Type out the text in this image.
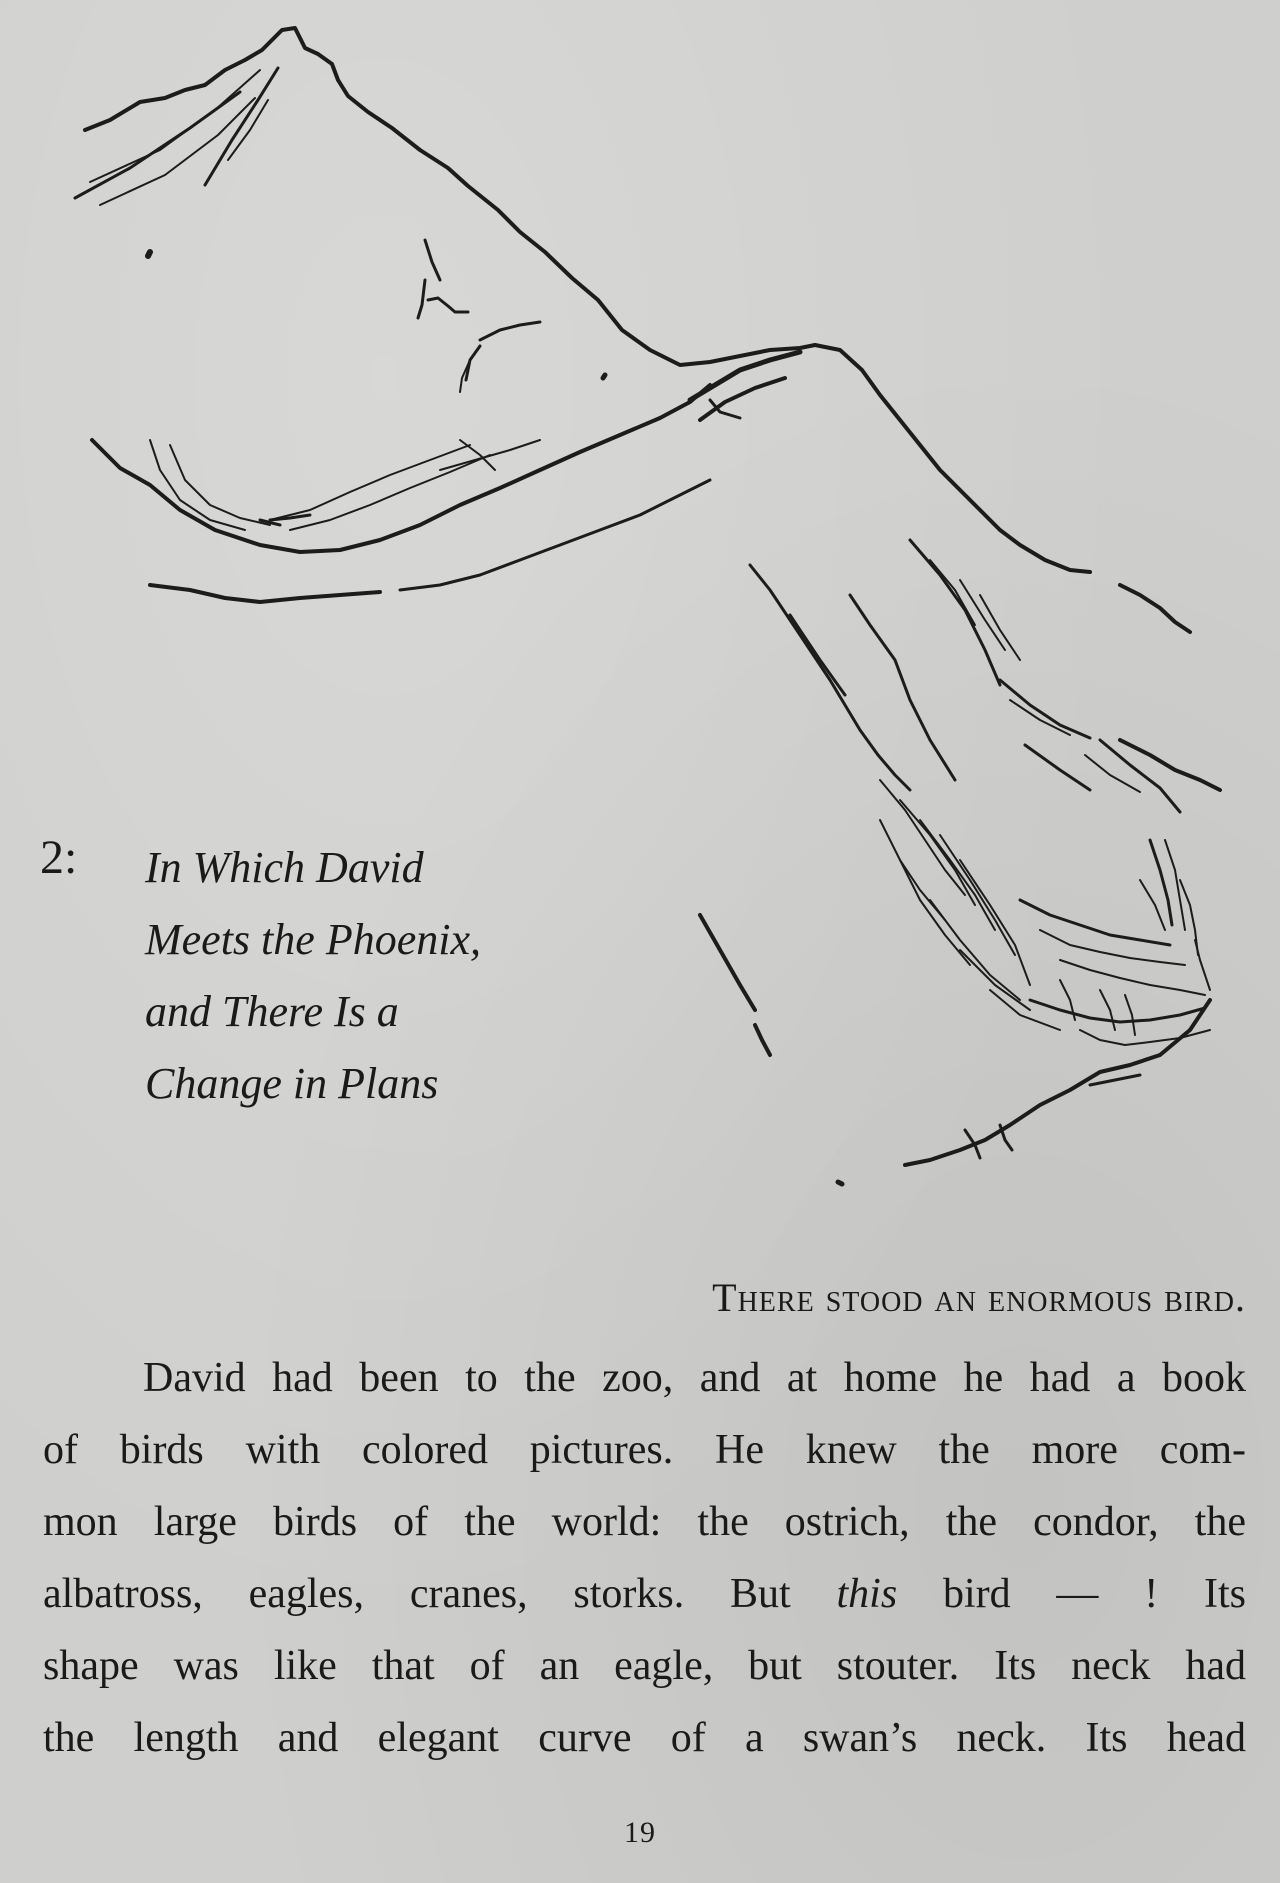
2: In Which David
Meets the Phoenix,
and There Is a
Change in Plans

There stood an enormous bird.

David had been to the zoo, and at home he had a book
of birds with colored pictures. He knew the more com-
mon large birds of the world: the ostrich, the condor, the
albatross, eagles, cranes, storks. But this bird — ! Its
shape was like that of an eagle, but stouter. Its neck had
the length and elegant curve of a swan’s neck. Its head

19
